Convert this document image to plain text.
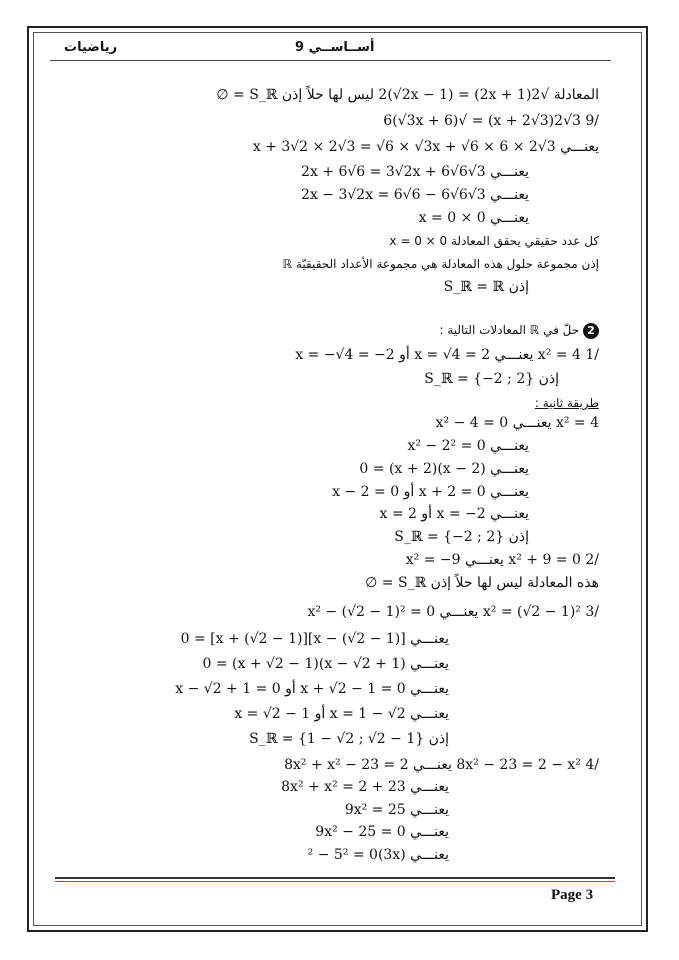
رياضيات	9 أســاســي
المعادلة √2(2x + 1) = 2(√2x − 1) ليس لها حلاً إذن S_ℝ = ∅
/9 3√2(x + 2√3) = √6(√3x + 6)
يعنـــي 3√2 × x + 3√2 × 2√3 = √6 × √3x + √6 × 6
يعنـــي 3√2x + 6√6 = 3√2x + 6√6
يعنـــي 3√2x − 3√2x = 6√6 − 6√6
يعنـــي 0 × x = 0
كل عدد حقيقي يحقق المعادلة 0 × x = 0
إذن مجموعة حلول هذه المعادلة هي مجموعة الأعداد الحقيقيّة ℝ
إذن S_ℝ = ℝ
2 حلّ في ℝ المعادلات التالية :
/1 x² = 4 يعنـــي x = √4 = 2 أو x = −√4 = −2
إذن S_ℝ = {−2 ; 2}
طريقة ثانية :
x² = 4 يعنـــي x² − 4 = 0
يعنـــي x² − 2² = 0
يعنـــي (x − 2)(x + 2) = 0
يعنـــي x + 2 = 0 أو x − 2 = 0
يعنـــي x = −2 أو x = 2
إذن S_ℝ = {−2 ; 2}
/2 x² + 9 = 0 يعنـــي x² = −9
هذه المعادلة ليس لها حلاً إذن S_ℝ = ∅
/3 x² = (√2 − 1)² يعنـــي x² − (√2 − 1)² = 0
يعنـــي [x − (√2 − 1)][x + (√2 − 1)] = 0
يعنـــي (x − √2 + 1)(x + √2 − 1) = 0
يعنـــي x + √2 − 1 = 0 أو x − √2 + 1 = 0
يعنـــي x = 1 − √2 أو x = √2 − 1
إذن S_ℝ = {1 − √2 ; √2 − 1}
/4 8x² − 23 = 2 − x² يعنـــي 8x² + x² − 23 = 2
يعنـــي 8x² + x² = 2 + 23
يعنـــي 9x² = 25
يعنـــي 9x² − 25 = 0
يعنـــي (3x)² − 5² = 0
Page 3
